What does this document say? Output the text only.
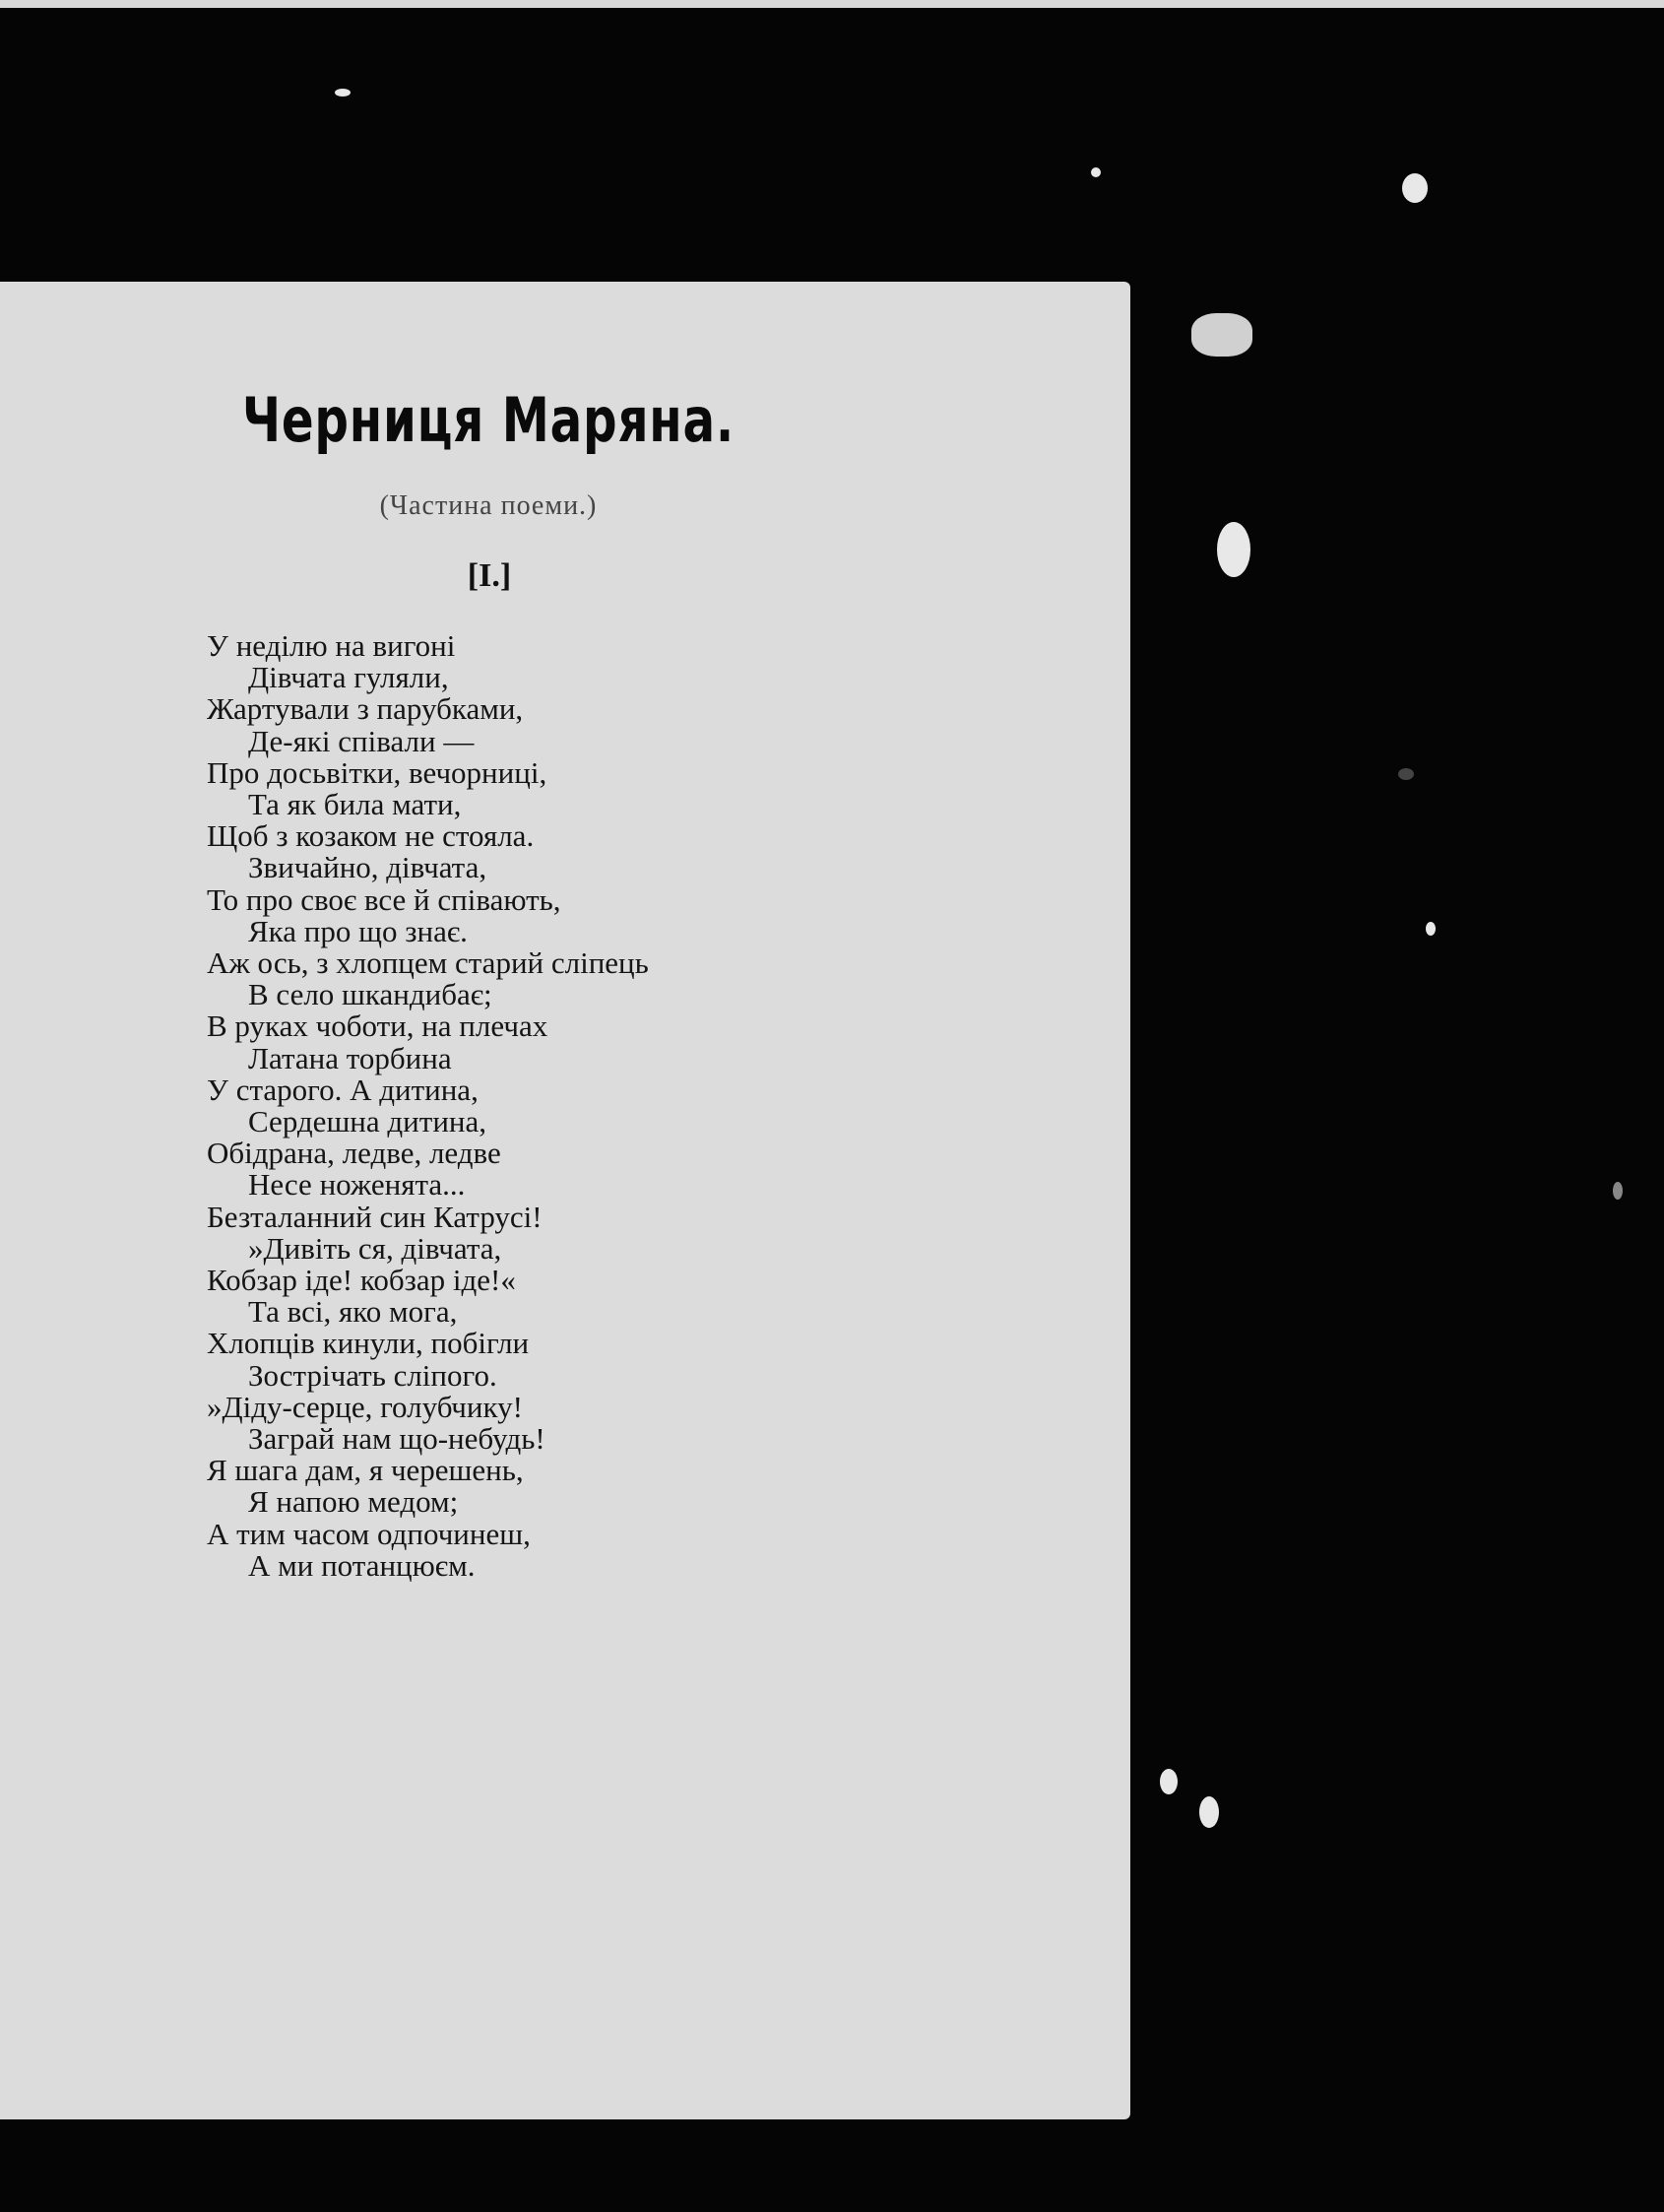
Черниця Маряна.
(Частина поеми.)
[I.]
У неділю на вигоні
Дівчата гуляли,
Жартували з парубками,
Де-які співали —
Про досьвітки, вечорниці,
Та як била мати,
Щоб з козаком не стояла.
Звичайно, дівчата,
То про своє все й співають,
Яка про що знає.
Аж ось, з хлопцем старий сліпець
В село шкандибає;
В руках чоботи, на плечах
Латана торбина
У старого. А дитина,
Сердешна дитина,
Обідрана, ледве, ледве
Несе ноженята...
Безталанний син Катрусі!
»Дивіть ся, дівчата,
Кобзар іде! кобзар іде!«
Та всі, яко мога,
Хлопців кинули, побігли
Зострічать сліпого.
»Діду-серце, голубчику!
Заграй нам що-небудь!
Я шага дам, я черешень,
Я напою медом;
А тим часом одпочинеш,
А ми потанцюєм.
